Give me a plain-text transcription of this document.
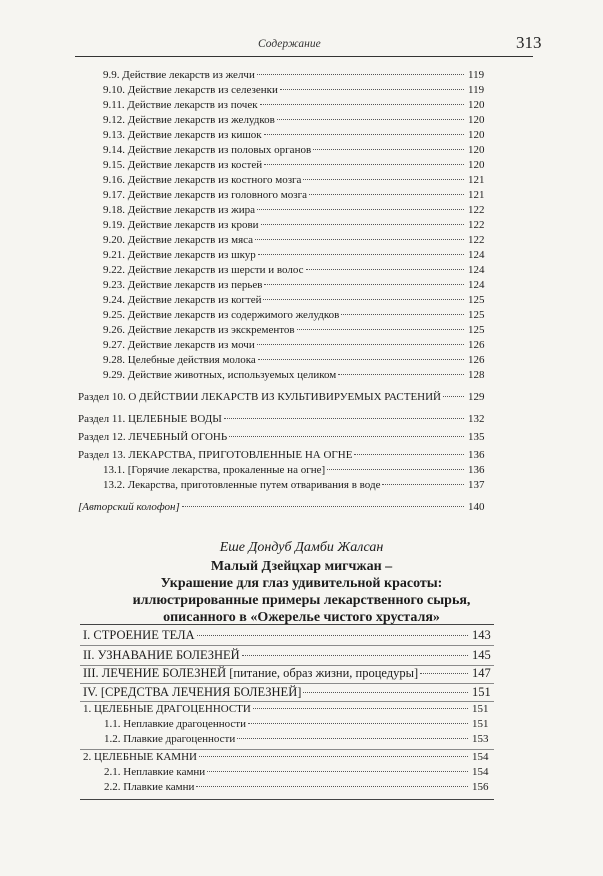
Содержание	313
9.9. Действие лекарств из желчи	119
9.10. Действие лекарств из селезенки	119
9.11. Действие лекарств из почек	120
9.12. Действие лекарств из желудков	120
9.13. Действие лекарств из кишок	120
9.14. Действие лекарств из половых органов	120
9.15. Действие лекарств из костей	120
9.16. Действие лекарств из костного мозга	121
9.17. Действие лекарств из головного мозга	121
9.18. Действие лекарств из жира	122
9.19. Действие лекарств из крови	122
9.20. Действие лекарств из мяса	122
9.21. Действие лекарств из шкур	124
9.22. Действие лекарств из шерсти и волос	124
9.23. Действие лекарств из перьев	124
9.24. Действие лекарств из когтей	125
9.25. Действие лекарств из содержимого желудков	125
9.26. Действие лекарств из экскрементов	125
9.27. Действие лекарств из мочи	126
9.28. Целебные действия молока	126
9.29. Действие животных, используемых целиком	128
Раздел 10. О ДЕЙСТВИИ ЛЕКАРСТВ ИЗ КУЛЬТИВИРУЕМЫХ РАСТЕНИЙ 129
Раздел 11. ЦЕЛЕБНЫЕ ВОДЫ	132
Раздел 12. ЛЕЧЕБНЫЙ ОГОНЬ	135
Раздел 13. ЛЕКАРСТВА, ПРИГОТОВЛЕННЫЕ НА ОГНЕ	136
13.1. [Горячие лекарства, прокаленные на огне]	136
13.2. Лекарства, приготовленные путем отваривания в воде	137
[Авторский колофон]	140
Еше Дондуб Дамби Жалсан
Малый Дзейцхар мигчжан –
Украшение для глаз удивительной красоты:
иллюстрированные примеры лекарственного сырья,
описанного в «Ожерелье чистого хрусталя»
I. СТРОЕНИЕ ТЕЛА	143
II. УЗНАВАНИЕ БОЛЕЗНЕЙ	145
III. ЛЕЧЕНИЕ БОЛЕЗНЕЙ [питание, образ жизни, процедуры]	147
IV. [СРЕДСТВА ЛЕЧЕНИЯ БОЛЕЗНЕЙ]	151
1. ЦЕЛЕБНЫЕ ДРАГОЦЕННОСТИ	151
1.1. Неплавкие драгоценности	151
1.2. Плавкие драгоценности	153
2. ЦЕЛЕБНЫЕ КАМНИ	154
2.1. Неплавкие камни	154
2.2. Плавкие камни	156
